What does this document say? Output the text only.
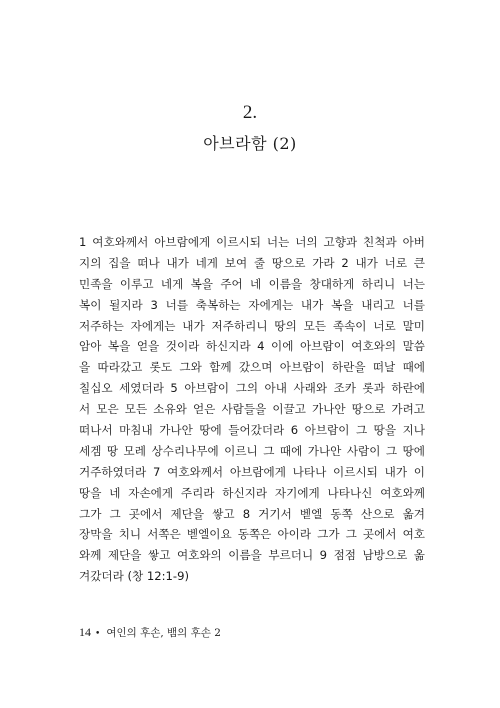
2.
아브라함 (2)
1 여호와께서 아브람에게 이르시되 너는 너의 고향과 친척과 아버
지의 집을 떠나 내가 네게 보여 줄 땅으로 가라 2 내가 너로 큰
민족을 이루고 네게 복을 주어 네 이름을 창대하게 하리니 너는
복이 될지라 3 너를 축복하는 자에게는 내가 복을 내리고 너를
저주하는 자에게는 내가 저주하리니 땅의 모든 족속이 너로 말미
암아 복을 얻을 것이라 하신지라 4 이에 아브람이 여호와의 말씀
을 따라갔고 롯도 그와 함께 갔으며 아브람이 하란을 떠날 때에
칠십오 세였더라 5 아브람이 그의 아내 사래와 조카 롯과 하란에
서 모은 모든 소유와 얻은 사람들을 이끌고 가나안 땅으로 가려고
떠나서 마침내 가나안 땅에 들어갔더라 6 아브람이 그 땅을 지나
세겜 땅 모레 상수리나무에 이르니 그 때에 가나안 사람이 그 땅에
거주하였더라 7 여호와께서 아브람에게 나타나 이르시되 내가 이
땅을 네 자손에게 주리라 하신지라 자기에게 나타나신 여호와께
그가 그 곳에서 제단을 쌓고 8 거기서 벧엘 동쪽 산으로 옮겨
장막을 치니 서쪽은 벧엘이요 동쪽은 아이라 그가 그 곳에서 여호
와께 제단을 쌓고 여호와의 이름을 부르더니 9 점점 남방으로 옮
겨갔더라 (창 12:1-9)
14 • 여인의 후손, 뱀의 후손 2
